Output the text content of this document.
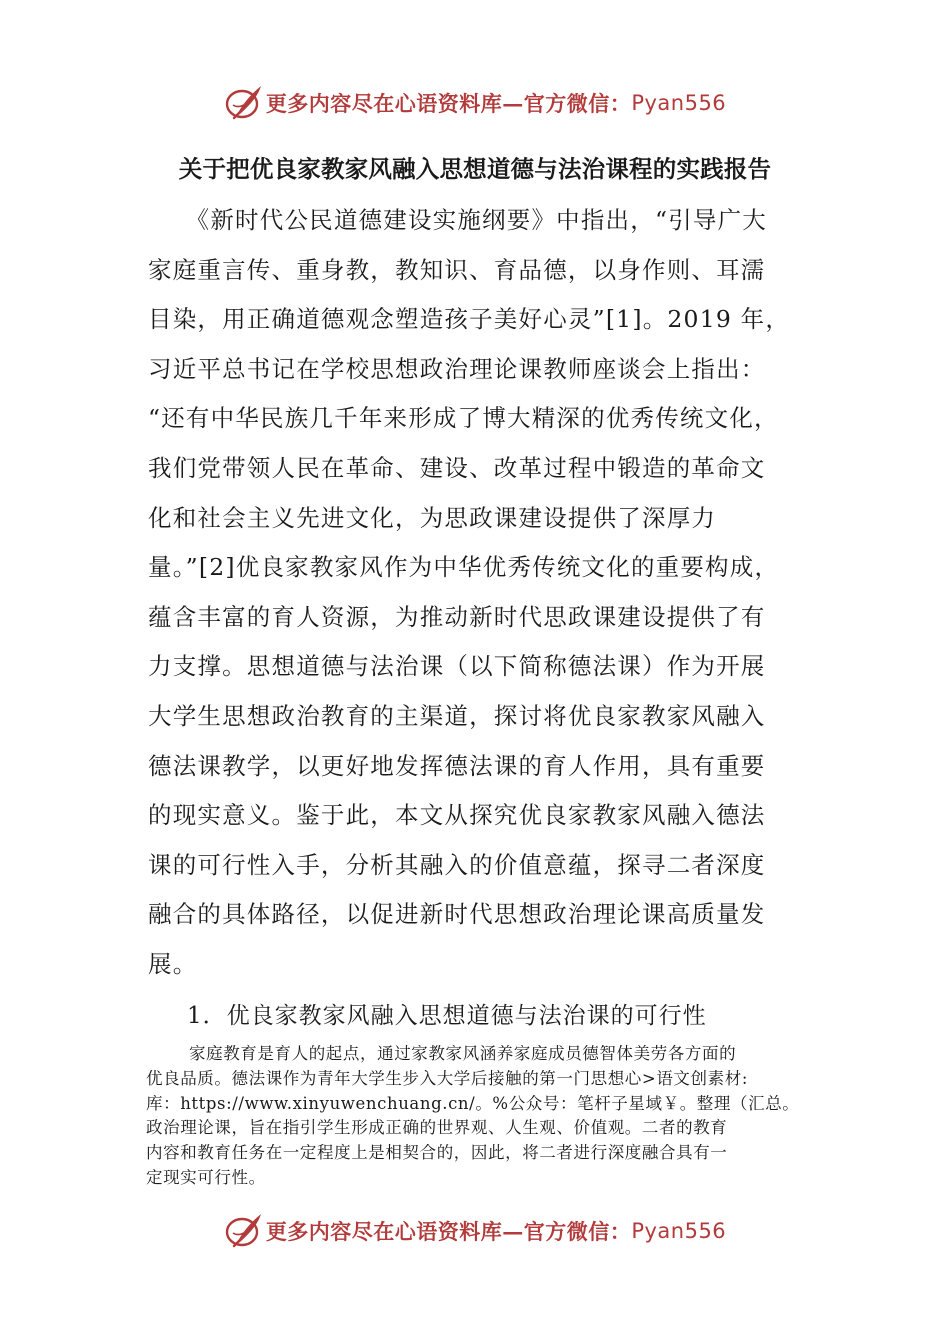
更多内容尽在心语资料库—官方微信： Pyan556
关于把优良家教家风融入思想道德与法治课程的实践报告
　　《新时代公民道德建设实施纲要》中指出，“引导广大
家庭重言传、重身教，教知识、育品德，以身作则、耳濡
目染，用正确道德观念塑造孩子美好心灵”[1]。2019 年，
习近平总书记在学校思想政治理论课教师座谈会上指出：
“还有中华民族几千年来形成了博大精深的优秀传统文化，
我们党带领人民在革命、建设、改革过程中锻造的革命文
化和社会主义先进文化，为思政课建设提供了深厚力
量。”[2]优良家教家风作为中华优秀传统文化的重要构成，
蕴含丰富的育人资源，为推动新时代思政课建设提供了有
力支撑。思想道德与法治课（以下简称德法课）作为开展
大学生思想政治教育的主渠道，探讨将优良家教家风融入
德法课教学，以更好地发挥德法课的育人作用，具有重要
的现实意义。鉴于此，本文从探究优良家教家风融入德法
课的可行性入手，分析其融入的价值意蕴，探寻二者深度
融合的具体路径，以促进新时代思想政治理论课高质量发
展。
1．优良家教家风融入思想道德与法治课的可行性
家庭教育是育人的起点，通过家教家风涵养家庭成员德智体美劳各方面的
优良品质。德法课作为青年大学生步入大学后接触的第一门思想心>语文创素材:
库：https://www.xinyuwenchuang.cn/。%公众号：笔杆子星域￥。整理（汇总。
政治理论课，旨在指引学生形成正确的世界观、人生观、价值观。二者的教育
内容和教育任务在一定程度上是相契合的，因此，将二者进行深度融合具有一
定现实可行性。
更多内容尽在心语资料库—官方微信： Pyan556
